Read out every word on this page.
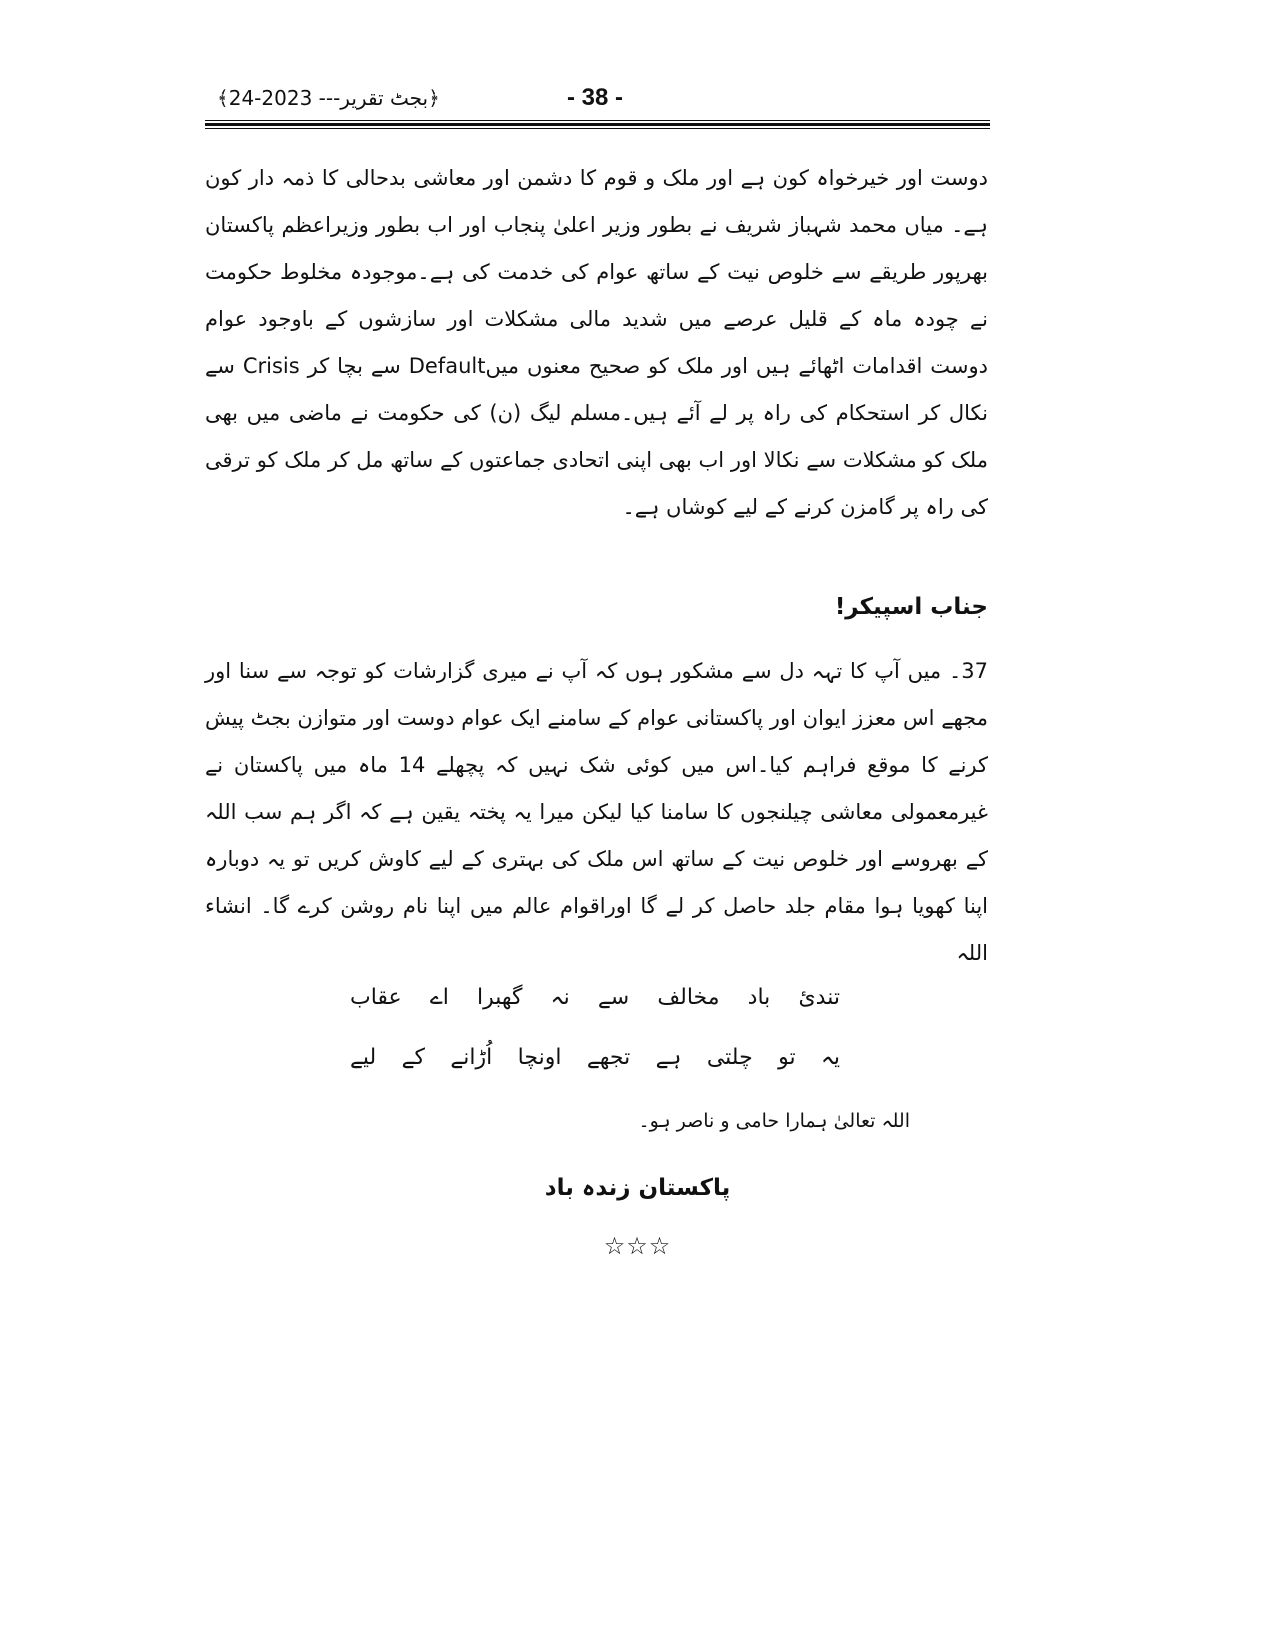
﴿بجٹ تقریر--- 2023-24﴾	- 38 -
دوست اور خیرخواہ کون ہے اور ملک و قوم کا دشمن اور معاشی بدحالی کا ذمہ دار کون ہے۔ میاں محمد شہباز شریف نے بطور وزیر اعلیٰ پنجاب اور اب بطور وزیراعظم پاکستان بھرپور طریقے سے خلوص نیت کے ساتھ عوام کی خدمت کی ہے۔موجودہ مخلوط حکومت نے چودہ ماہ کے قلیل عرصے میں شدید مالی مشکلات اور سازشوں کے باوجود عوام دوست اقدامات اٹھائے ہیں اور ملک کو صحیح معنوں میںDefault سے بچا کر Crisis سے نکال کر استحکام کی راہ پر لے آئے ہیں۔مسلم لیگ (ن) کی حکومت نے ماضی میں بھی ملک کو مشکلات سے نکالا اور اب بھی اپنی اتحادی جماعتوں کے ساتھ مل کر ملک کو ترقی کی راہ پر گامزن کرنے کے لیے کوشاں ہے۔
جناب اسپیکر!
37۔ میں آپ کا تہہ دل سے مشکور ہوں کہ آپ نے میری گزارشات کو توجہ سے سنا اور مجھے اس معزز ایوان اور پاکستانی عوام کے سامنے ایک عوام دوست اور متوازن بجٹ پیش کرنے کا موقع فراہم کیا۔اس میں کوئی شک نہیں کہ پچھلے 14 ماہ میں پاکستان نے غیرمعمولی معاشی چیلنجوں کا سامنا کیا لیکن میرا یہ پختہ یقین ہے کہ اگر ہم سب اللہ کے بھروسے اور خلوص نیت کے ساتھ اس ملک کی بہتری کے لیے کاوش کریں تو یہ دوبارہ اپنا کھویا ہوا مقام جلد حاصل کر لے گا اوراقوام عالم میں اپنا نام روشن کرے گا۔ انشاء اللہ
تندیٔ باد مخالف سے نہ گھبرا اے عقاب
یہ تو چلتی ہے تجھے اونچا اُڑانے کے لیے
اللہ تعالیٰ ہمارا حامی و ناصر ہو۔
پاکستان زندہ باد
☆☆☆
